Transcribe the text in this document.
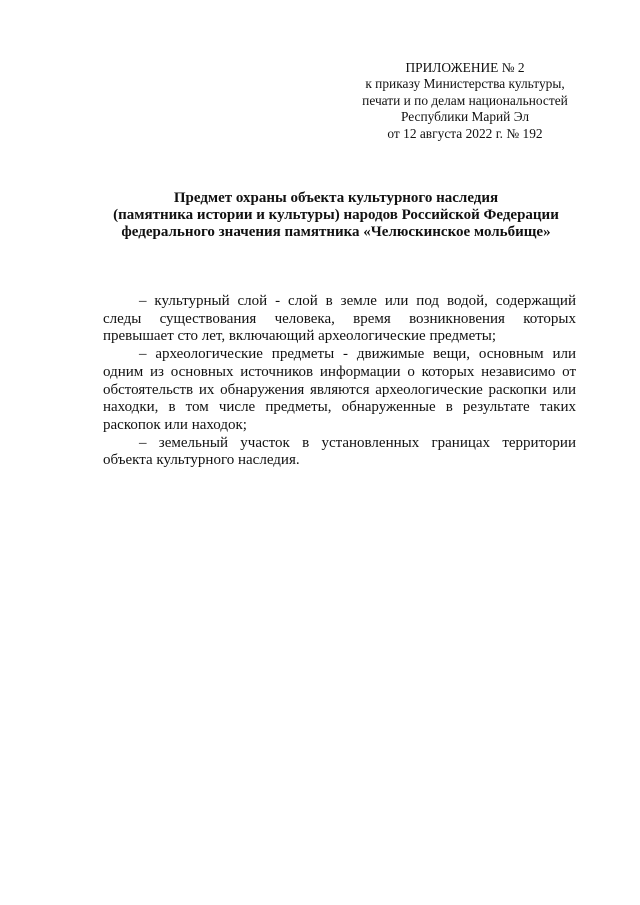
ПРИЛОЖЕНИЕ № 2
к приказу Министерства культуры,
печати и по делам национальностей
Республики Марий Эл
от 12 августа 2022 г. № 192
Предмет охраны объекта культурного наследия
(памятника истории и культуры) народов Российской Федерации
федерального значения памятника «Челюскинское мольбище»

– культурный слой - слой в земле или под водой, содержащий следы существования человека, время возникновения которых превышает сто лет, включающий археологические предметы;

– археологические предметы - движимые вещи, основным или одним из основных источников информации о которых независимо от обстоятельств их обнаружения являются археологические раскопки или находки, в том числе предметы, обнаруженные в результате таких раскопок или находок;

– земельный участок в установленных границах территории объекта культурного наследия.
